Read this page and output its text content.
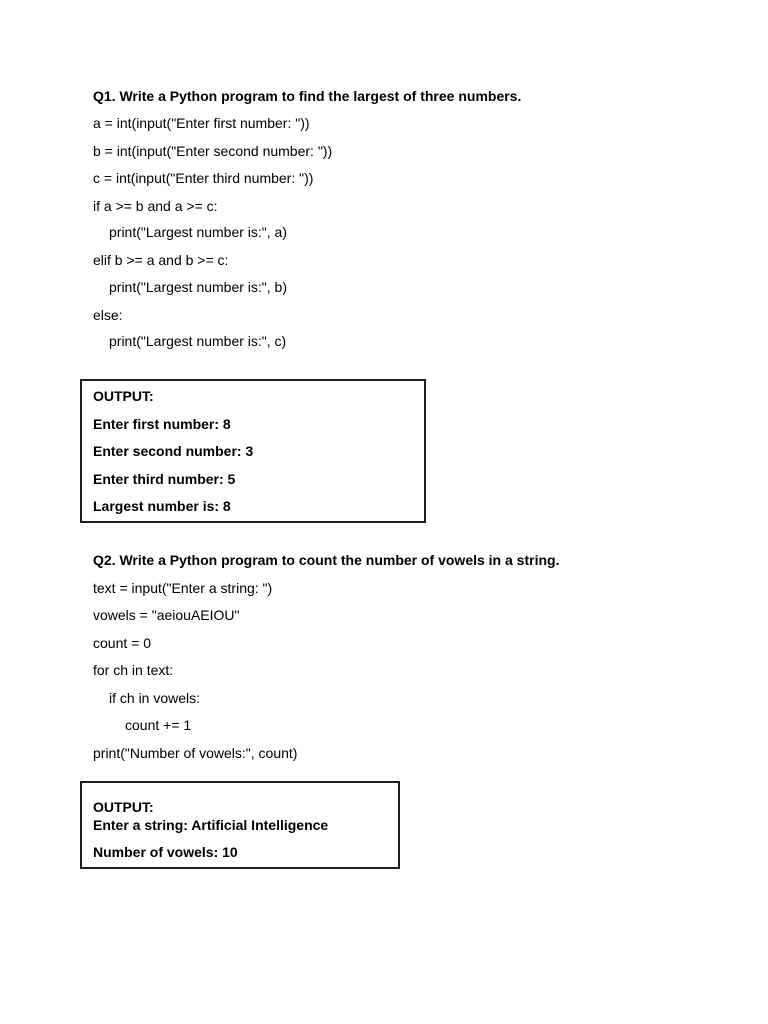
Q1. Write a Python program to find the largest of three numbers.
a = int(input("Enter first number: "))
b = int(input("Enter second number: "))
c = int(input("Enter third number: "))
if a >= b and a >= c:
print("Largest number is:", a)
elif b >= a and b >= c:
print("Largest number is:", b)
else:
print("Largest number is:", c)
OUTPUT:
Enter first number: 8
Enter second number: 3
Enter third number: 5
Largest number is: 8
Q2. Write a Python program to count the number of vowels in a string.
text = input("Enter a string: ")
vowels = "aeiouAEIOU"
count = 0
for ch in text:
if ch in vowels:
count += 1
print("Number of vowels:", count)
OUTPUT:
Enter a string: Artificial Intelligence
Number of vowels: 10
